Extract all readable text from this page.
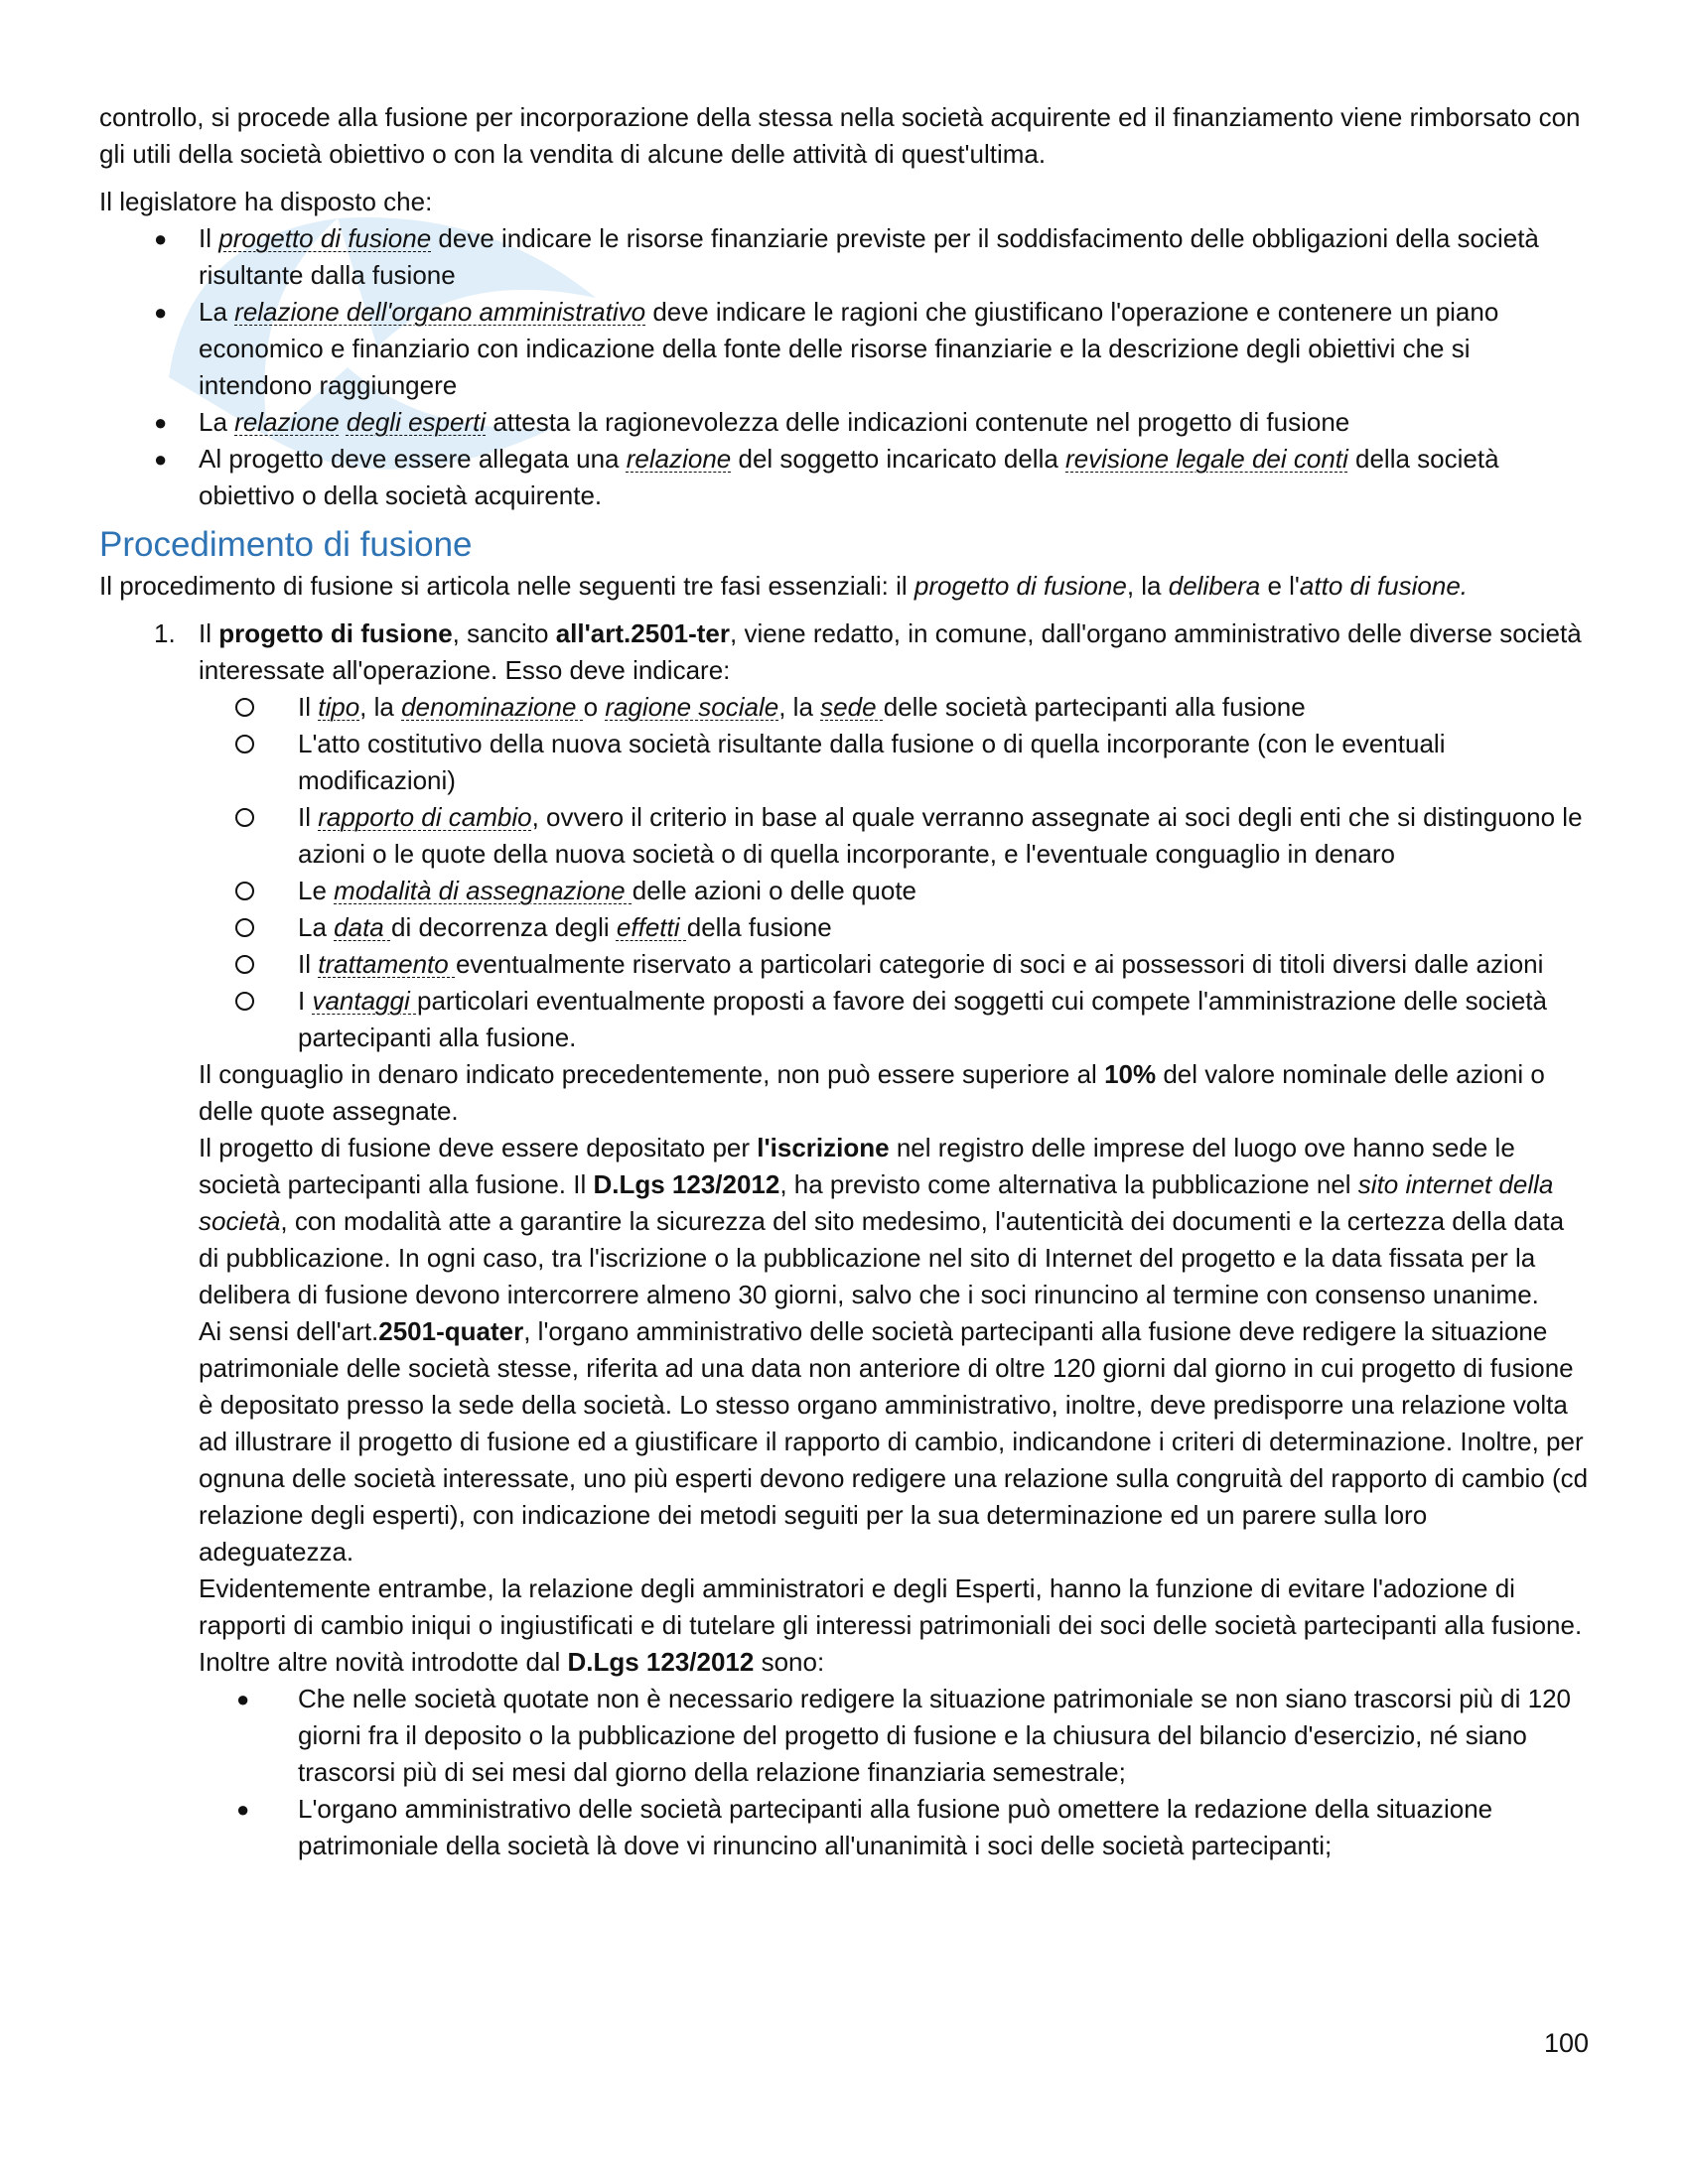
controllo, si procede alla fusione per incorporazione della stessa nella società acquirente ed il finanziamento viene rimborsato con gli utili della società obiettivo o con la vendita di alcune delle attività di quest'ultima.

Il legislatore ha disposto che:

● Il progetto di fusione deve indicare le risorse finanziarie previste per il soddisfacimento delle obbligazioni della società risultante dalla fusione
● La relazione dell'organo amministrativo deve indicare le ragioni che giustificano l'operazione e contenere un piano economico e finanziario con indicazione della fonte delle risorse finanziarie e la descrizione degli obiettivi che si intendono raggiungere
● La relazione degli esperti attesta la ragionevolezza delle indicazioni contenute nel progetto di fusione
● Al progetto deve essere allegata una relazione del soggetto incaricato della revisione legale dei conti della società obiettivo o della società acquirente.
Procedimento di fusione

Il procedimento di fusione si articola nelle seguenti tre fasi essenziali: il progetto di fusione, la delibera e l'atto di fusione.

1. Il progetto di fusione, sancito all'art.2501-ter, viene redatto, in comune, dall'organo amministrativo delle diverse società interessate all'operazione. Esso deve indicare:
Il tipo, la denominazione o ragione sociale, la sede delle società partecipanti alla fusione
L'atto costitutivo della nuova società risultante dalla fusione o di quella incorporante (con le eventuali modificazioni)
Il rapporto di cambio, ovvero il criterio in base al quale verranno assegnate ai soci degli enti che si distinguono le azioni o le quote della nuova società o di quella incorporante, e l'eventuale conguaglio in denaro
Le modalità di assegnazione delle azioni o delle quote
La data di decorrenza degli effetti della fusione
Il trattamento eventualmente riservato a particolari categorie di soci e ai possessori di titoli diversi dalle azioni
I vantaggi particolari eventualmente proposti a favore dei soggetti cui compete l'amministrazione delle società partecipanti alla fusione.

Il conguaglio in denaro indicato precedentemente, non può essere superiore al 10% del valore nominale delle azioni o delle quote assegnate.

Il progetto di fusione deve essere depositato per l'iscrizione nel registro delle imprese del luogo ove hanno sede le società partecipanti alla fusione. Il D.Lgs 123/2012, ha previsto come alternativa la pubblicazione nel sito internet della società, con modalità atte a garantire la sicurezza del sito medesimo, l'autenticità dei documenti e la certezza della data di pubblicazione. In ogni caso, tra l'iscrizione o la pubblicazione nel sito di Internet del progetto e la data fissata per la delibera di fusione devono intercorrere almeno 30 giorni, salvo che i soci rinuncino al termine con consenso unanime.

Ai sensi dell'art.2501-quater, l'organo amministrativo delle società partecipanti alla fusione deve redigere la situazione patrimoniale delle società stesse, riferita ad una data non anteriore di oltre 120 giorni dal giorno in cui progetto di fusione è depositato presso la sede della società. Lo stesso organo amministrativo, inoltre, deve predisporre una relazione volta ad illustrare il progetto di fusione ed a giustificare il rapporto di cambio, indicandone i criteri di determinazione. Inoltre, per ognuna delle società interessate, uno più esperti devono redigere una relazione sulla congruità del rapporto di cambio (cd relazione degli esperti), con indicazione dei metodi seguiti per la sua determinazione ed un parere sulla loro adeguatezza.

Evidentemente entrambe, la relazione degli amministratori e degli Esperti, hanno la funzione di evitare l'adozione di rapporti di cambio iniqui o ingiustificati e di tutelare gli interessi patrimoniali dei soci delle società partecipanti alla fusione. Inoltre altre novità introdotte dal D.Lgs 123/2012 sono:

● Che nelle società quotate non è necessario redigere la situazione patrimoniale se non siano trascorsi più di 120 giorni fra il deposito o la pubblicazione del progetto di fusione e la chiusura del bilancio d'esercizio, né siano trascorsi più di sei mesi dal giorno della relazione finanziaria semestrale;
● L'organo amministrativo delle società partecipanti alla fusione può omettere la redazione della situazione patrimoniale della società là dove vi rinuncino all'unanimità i soci delle società partecipanti;
100
